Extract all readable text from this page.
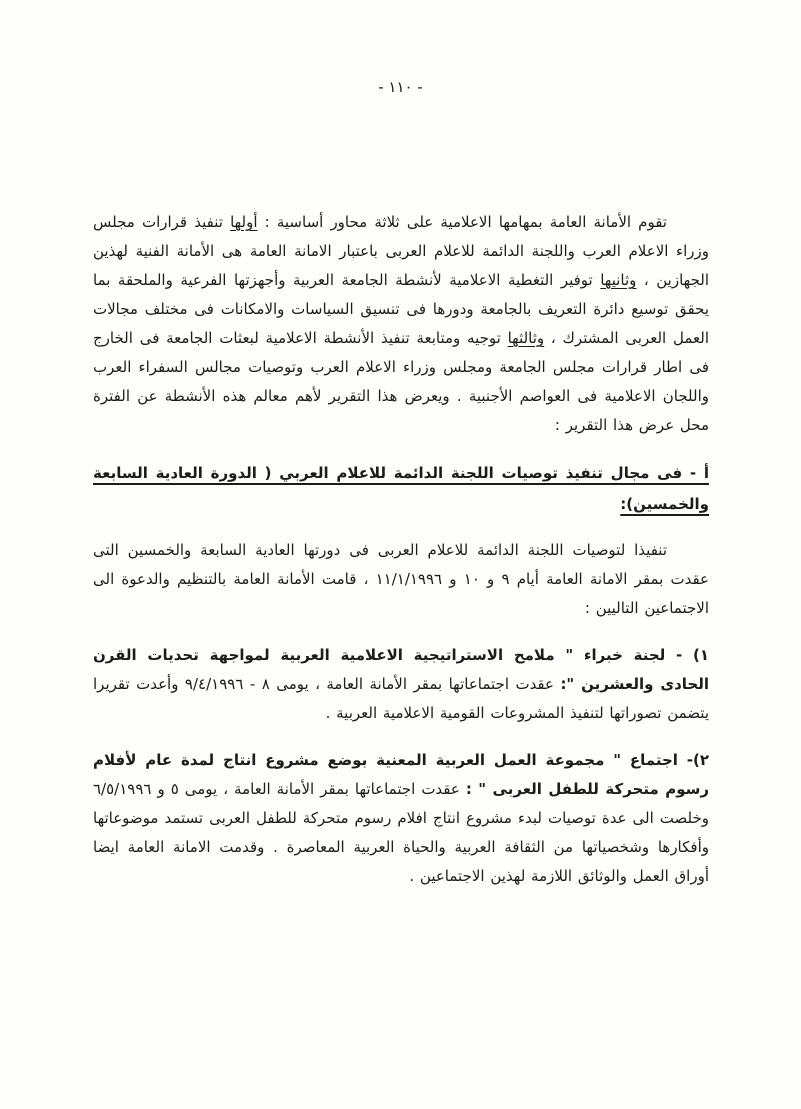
- ١١٠ -

تقوم الأمانة العامة بمهامها الاعلامية على ثلاثة محاور أساسية : أولها تنفيذ قرارات مجلس وزراء الاعلام العرب واللجنة الدائمة للاعلام العربى باعتبار الامانة العامة هى الأمانة الفنية لهذين الجهازين ، وثانيها توفير التغطية الاعلامية لأنشطة الجامعة العربية وأجهزتها الفرعية والملحقة بما يحقق توسيع دائرة التعريف بالجامعة ودورها فى تنسيق السياسات والامكانات فى مختلف مجالات العمل العربى المشترك ، وثالثها توجيه ومتابعة تنفيذ الأنشطة الاعلامية لبعثات الجامعة فى الخارج فى اطار قرارات مجلس الجامعة ومجلس وزراء الاعلام العرب وتوصيات مجالس السفراء العرب واللجان الاعلامية فى العواصم الأجنبية . ويعرض هذا التقرير لأهم معالم هذه الأنشطة عن الفترة محل عرض هذا التقرير :

أ - فى مجال تنفيذ توصيات اللجنة الدائمة للاعلام العربي ( الدورة العادية السابعة والخمسين):

تنفيذا لتوصيات اللجنة الدائمة للاعلام العربى فى دورتها العادية السابعة والخمسين التى عقدت بمقر الامانة العامة أيام ٩ و ١٠ و ١١/١/١٩٩٦ ، قامت الأمانة العامة بالتنظيم والدعوة الى الاجتماعين التاليين :

١) - لجنة خبراء " ملامح الاستراتيجية الاعلامية العربية لمواجهة تحديات القرن الحادى والعشرين ": عقدت اجتماعاتها بمقر الأمانة العامة ، يومى ٨ - ٩/٤/١٩٩٦ وأعدت تقريرا يتضمن تصوراتها لتنفيذ المشروعات القومية الاعلامية العربية .

٢)- اجتماع " مجموعة العمل العربية المعنية بوضع مشروع انتاج لمدة عام لأفلام رسوم متحركة للطفل العربى " : عقدت اجتماعاتها بمقر الأمانة العامة ، يومى ٥ و ٦/٥/١٩٩٦ وخلصت الى عدة توصيات لبدء مشروع انتاج افلام رسوم متحركة للطفل العربى تستمد موضوعاتها وأفكارها وشخصياتها من الثقافة العربية والحياة العربية المعاصرة . وقدمت الامانة العامة ايضا أوراق العمل والوثائق اللازمة لهذين الاجتماعين .
